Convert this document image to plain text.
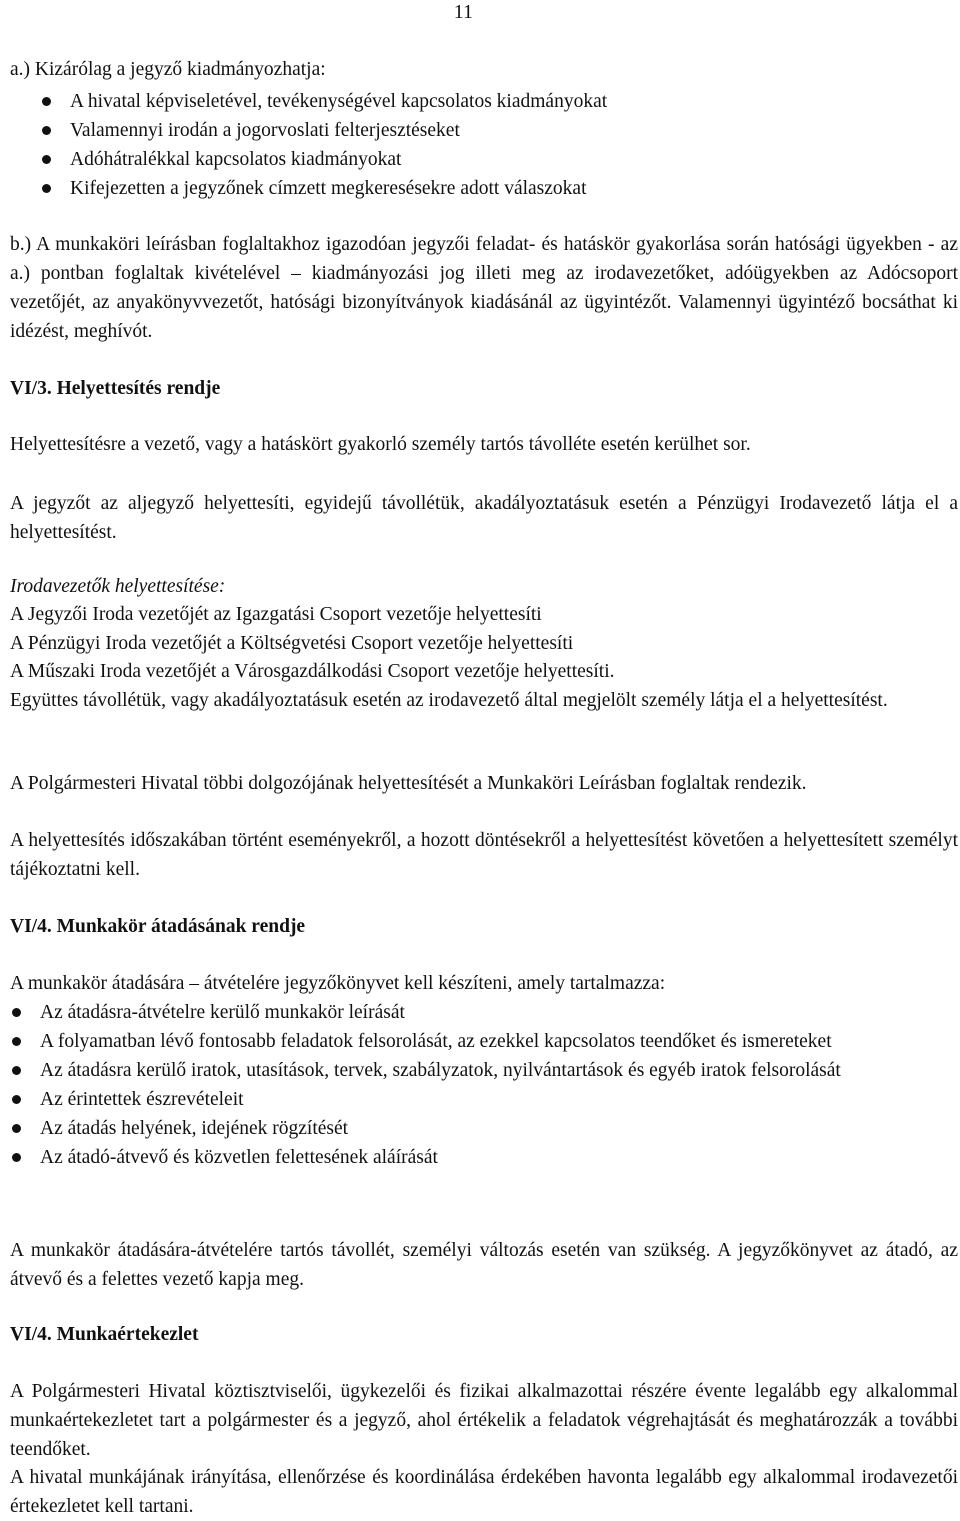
11

a.) Kizárólag a jegyző kiadmányozhatja:

A hivatal képviseletével, tevékenységével kapcsolatos kiadmányokat
Valamennyi irodán a jogorvoslati felterjesztéseket
Adóhátralékkal kapcsolatos kiadmányokat
Kifejezetten a jegyzőnek címzett megkeresésekre adott válaszokat

b.) A munkaköri leírásban foglaltakhoz igazodóan jegyzői feladat- és hatáskör gyakorlása során hatósági ügyekben - az a.) pontban foglaltak kivételével – kiadmányozási jog illeti meg az irodavezetőket, adóügyekben az Adócsoport vezetőjét, az anyakönyvvezetőt, hatósági bizonyítványok kiadásánál az ügyintézőt. Valamennyi ügyintéző bocsáthat ki idézést, meghívót.

VI/3. Helyettesítés rendje

Helyettesítésre a vezető, vagy a hatáskört gyakorló személy tartós távolléte esetén kerülhet sor.

A jegyzőt az aljegyző helyettesíti, egyidejű távollétük, akadályoztatásuk esetén a Pénzügyi Irodavezető látja el a helyettesítést.

Irodavezetők helyettesítése:

A Jegyzői Iroda vezetőjét az Igazgatási Csoport vezetője helyettesíti

A Pénzügyi Iroda vezetőjét a Költségvetési Csoport vezetője helyettesíti

A Műszaki Iroda vezetőjét a Városgazdálkodási Csoport vezetője helyettesíti.

Együttes távollétük, vagy akadályoztatásuk esetén az irodavezető által megjelölt személy látja el a helyettesítést.

A Polgármesteri Hivatal többi dolgozójának helyettesítését a Munkaköri Leírásban foglaltak rendezik.

A helyettesítés időszakában történt eseményekről, a hozott döntésekről a helyettesítést követően a helyettesített személyt tájékoztatni kell.

VI/4. Munkakör átadásának rendje

A munkakör átadására – átvételére jegyzőkönyvet kell készíteni, amely tartalmazza:

Az átadásra-átvételre kerülő munkakör leírását
A folyamatban lévő fontosabb feladatok felsorolását, az ezekkel kapcsolatos teendőket és ismereteket
Az átadásra kerülő iratok, utasítások, tervek, szabályzatok, nyilvántartások és egyéb iratok felsorolását
Az érintettek észrevételeit
Az átadás helyének, idejének rögzítését
Az átadó-átvevő és közvetlen felettesének aláírását

A munkakör átadására-átvételére tartós távollét, személyi változás esetén van szükség. A jegyzőkönyvet az átadó, az átvevő és a felettes vezető kapja meg.

VI/4. Munkaértekezlet

A Polgármesteri Hivatal köztisztviselői, ügykezelői és fizikai alkalmazottai részére évente legalább egy alkalommal munkaértekezletet tart a polgármester és a jegyző, ahol értékelik a feladatok végrehajtását és meghatározzák a további teendőket.

A hivatal munkájának irányítása, ellenőrzése és koordinálása érdekében havonta legalább egy alkalommal irodavezetői értekezletet kell tartani.
